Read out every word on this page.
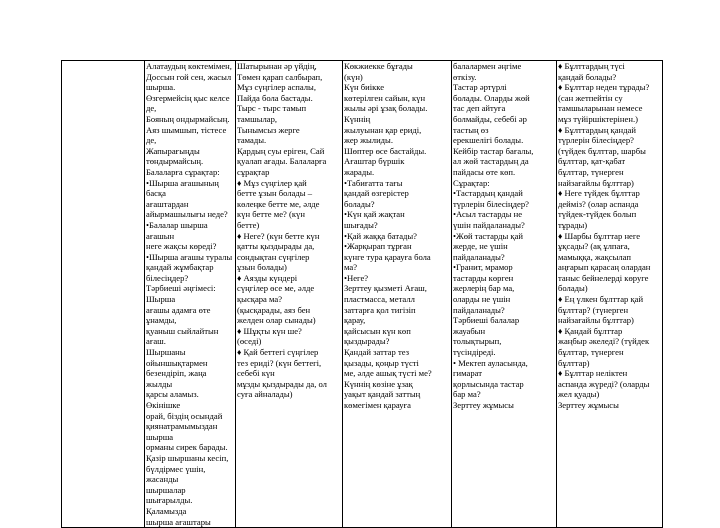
Алатаудың көктемімен,
Доссын гой сен, жасыл
шырша.
Өзгермейсің қыс келсе де,
Бояның ондырмайсың.
Аяз шымшып, тістесе де,
Жапырағыңды
төндырмайсың.
Балаларға сұрақтар:
•Шырша ағашының басқа
ағаштардан
айырмашылығы неде?
•Балалар шырша ағашын
неге жақсы көреді?
•Шырша ағашы туралы
қандай жұмбақтар
білесіңдер?
Тәрбиеші әңгімесі: Шырша
ағашы адамға өте ұнамды,
қуаныш сыйлайтын ағаш.
Шыршаны
ойыншықтармен
безендіріп, жаңа жылды
қарсы аламыз. Өкінішке
орай, біздің осындай
қиянатрамымыздан шырша
орманы сирек барады.
Қазір шыршаны кесіп,
бүлдірмес үшін, жасанды
шыршалар шығарылды.
Қаламызда
шырша ағаштары

Шатырынан әр үйдің,
Төмен қарап салбырап,
Мұз сүңгілер аспалы,
Пайда бола бастады.
Тырс - тырс тамып
тамшылар,
Тынымсыз жерге
тамады.
Қардың суы еріген, Сай
қуалап ағады. Балаларға
сұрақтар
♦ Мұз сүңгілер қай
бетте ұзын болады –
көлеңке бетте ме, әлде
күн бетте ме? (күн
бетте)
♦ Неге? (күн бетте күн
қатты қыздырады да,
сондықтан сүңгілер
ұзын болады)
♦ Аязды күндері
сүңгілер өсе ме, әлде
қысқара ма?
(қысқарады, аяз бен
желден олар сынады)
♦ Шұқты күн ше?
(өседі)
♦ Қай беттегі сүңгілер
тез ериді? (күн беттегі,
себебі күн
мұзды қыздырады да, ол
суға айналады)

Көкжиекке бұғады
(күн)
Күн биікке
көтерілген сайын, күн
жылы әрі ұзақ болады.
Күннің
жылуынан қар ериді,
жер жылиды.
Шөптер өсе бастайды.
Ағаштар бүршік
жарады.
•Табиғатта тағы
қандай өзгерістер
болады?
•Күн қай жақтан
шығады?
•Қай жаққа батады?
•Жарқырап тұрған
күнге тура қарауға бола
ма?
•Неге?
Зерттеу қызметі Ағаш,
пластмасса, металл
заттарға қол тигізіп
қарау,
қайсысын күн көп
қыздырады?
Қандай заттар тез
қызады, қоңыр түсті
ме, әлде ашық түсті ме?
Күннің көзіне ұзақ
уақыт қандай заттың
көмегімен қарауға

балалармен әңгіме
өткізу.
Тастар әртүрлі
болады. Оларды жөй
тас деп айтуға
болмайды, себебі әр
тастың өз
ерекшелігі болады.
Кейбір тастар бағалы,
ал жөй тастардың да
пайдасы өте көп.
Сұрақтар:
•Тастардың қандай
түрлерін білесіңдер?
•Асыл тастарды не
үшін пайдаланады?
•Жөй тастарды қай
жерде, не үшін
пайдаланады?
•Гранит, мрамор
тастарды көрген
жерлерің бар ма,
оларды не үшін
пайдаланады?
Тәрбиеші балалар
жауабын
толықтырып,
түсіндіреді.
• Мектеп ауласында,
гимарат
қорлысында тастар
бар ма?
Зерттеу жұмысы

♦ Бұлттардың түсі
қандай болады?
♦ Бұлттар неден тұрады?
(сан жетпейтін су
тамшыларынан немесе
мұз түйіршіктерінен.)
♦ Бұлттардың қандай
түрлерін білесіңдер?
(түйдек бұлттар, шарбы
бұлттар, қат-қабат
бұлттар, түнерген
найзағайлы бұлттар)
♦ Неге түйдек бұлттар
дейміз? (олар аспанда
түйдек-түйдек болып
тұрады)
♦ Шарбы бұлттар неге
ұқсады? (ақ ұлпаға,
мамыққа, жақсылап
аңғарып қарасаң олардан
таныс бейнелерді көруге
болады)
♦ Ең үлкен бұлттар қай
бұлттар? (түнерген
найзағайлы бұлттар)
♦ Қандай бұлттар
жаңбыр әкеледі? (түйдек
бұлттар, түнерген
бұлттар)
♦ Бұлттар неліктен
аспанда жүреді? (оларды
жел қуады)
Зерттеу жұмысы
